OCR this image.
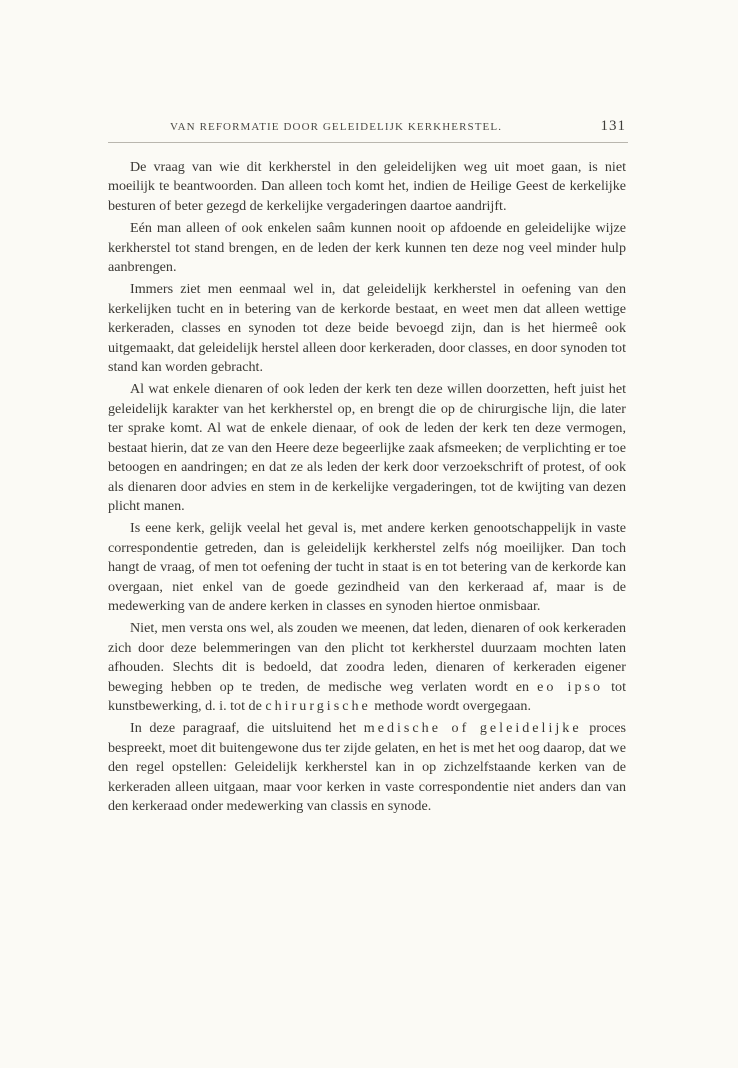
VAN REFORMATIE DOOR GELEIDELIJK KERKHERSTEL.	131

De vraag van wie dit kerkherstel in den geleidelijken weg uit moet gaan, is niet moeilijk te beantwoorden. Dan alleen toch komt het, indien de Heilige Geest de kerkelijke besturen of beter gezegd de kerkelijke vergaderingen daartoe aandrijft.

Eén man alleen of ook enkelen saâm kunnen nooit op afdoende en geleidelijke wijze kerkherstel tot stand brengen, en de leden der kerk kunnen ten deze nog veel minder hulp aanbrengen.

Immers ziet men eenmaal wel in, dat geleidelijk kerkherstel in oefening van den kerkelijken tucht en in betering van de kerkorde bestaat, en weet men dat alleen wettige kerkeraden, classes en synoden tot deze beide bevoegd zijn, dan is het hiermeê ook uitgemaakt, dat geleidelijk herstel alleen door kerkeraden, door classes, en door synoden tot stand kan worden gebracht.

Al wat enkele dienaren of ook leden der kerk ten deze willen doorzetten, heft juist het geleidelijk karakter van het kerkherstel op, en brengt die op de chirurgische lijn, die later ter sprake komt. Al wat de enkele dienaar, of ook de leden der kerk ten deze vermogen, bestaat hierin, dat ze van den Heere deze begeerlijke zaak afsmeeken; de verplichting er toe betoogen en aandringen; en dat ze als leden der kerk door verzoekschrift of protest, of ook als dienaren door advies en stem in de kerkelijke vergaderingen, tot de kwijting van dezen plicht manen.

Is eene kerk, gelijk veelal het geval is, met andere kerken genootschappelijk in vaste correspondentie getreden, dan is geleidelijk kerkherstel zelfs nóg moeilijker. Dan toch hangt de vraag, of men tot oefening der tucht in staat is en tot betering van de kerkorde kan overgaan, niet enkel van de goede gezindheid van den kerkeraad af, maar is de medewerking van de andere kerken in classes en synoden hiertoe onmisbaar.

Niet, men versta ons wel, als zouden we meenen, dat leden, dienaren of ook kerkeraden zich door deze belemmeringen van den plicht tot kerkherstel duurzaam mochten laten afhouden. Slechts dit is bedoeld, dat zoodra leden, dienaren of kerkeraden eigener beweging hebben op te treden, de medische weg verlaten wordt en eo ipso tot kunstbewerking, d. i. tot de chirurgische methode wordt overgegaan.

In deze paragraaf, die uitsluitend het medische of geleidelijke proces bespreekt, moet dit buitengewone dus ter zijde gelaten, en het is met het oog daarop, dat we den regel opstellen: Geleidelijk kerkherstel kan in op zichzelfstaande kerken van de kerkeraden alleen uitgaan, maar voor kerken in vaste correspondentie niet anders dan van den kerkeraad onder medewerking van classis en synode.
